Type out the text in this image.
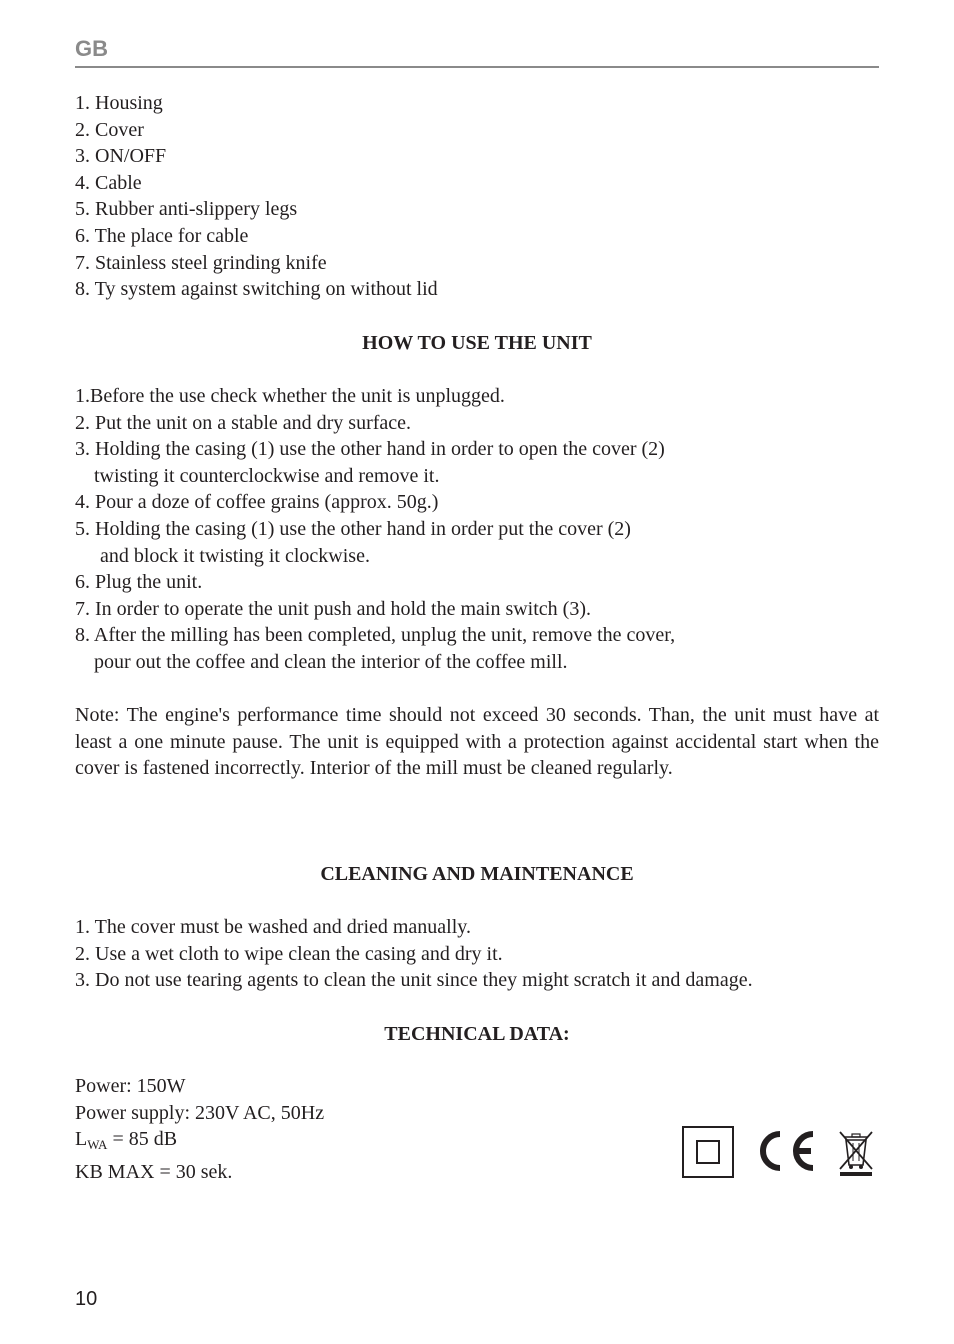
GB
1. Housing
2. Cover
3. ON/OFF
4. Cable
5. Rubber anti-slippery legs
6. The place for cable
7. Stainless steel grinding knife
8. Ty system against switching on without lid
HOW TO USE THE UNIT
1.Before the use check whether the unit is unplugged.
2. Put the unit on a stable and dry surface.
3. Holding the casing (1) use the other hand in order to open the cover (2)
twisting it counterclockwise and remove it.
4. Pour a doze of coffee grains (approx. 50g.)
5. Holding the casing (1) use the other hand in order put the cover (2)
and block it twisting it clockwise.
6. Plug the unit.
7. In order to operate the unit push and hold the main switch (3).
8. After the milling has been completed, unplug the unit, remove the cover,
pour out the coffee and clean the interior of the coffee mill.

Note: The engine's performance time should not exceed 30 seconds. Than, the unit must have at least a one minute pause. The unit is equipped with a protection against accidental start when the cover is fastened incorrectly. Interior of the mill must be cleaned regularly.

CLEANING AND MAINTENANCE
1. The cover must be washed and dried manually.
2. Use a wet cloth to wipe clean the casing and dry it.
3. Do not use tearing agents to clean the unit since they might scratch it and damage.
TECHNICAL DATA:
Power: 150W
Power supply: 230V AC, 50Hz
$L_{WA} = 85$ dB
KB MAX = 30 sek.
10
